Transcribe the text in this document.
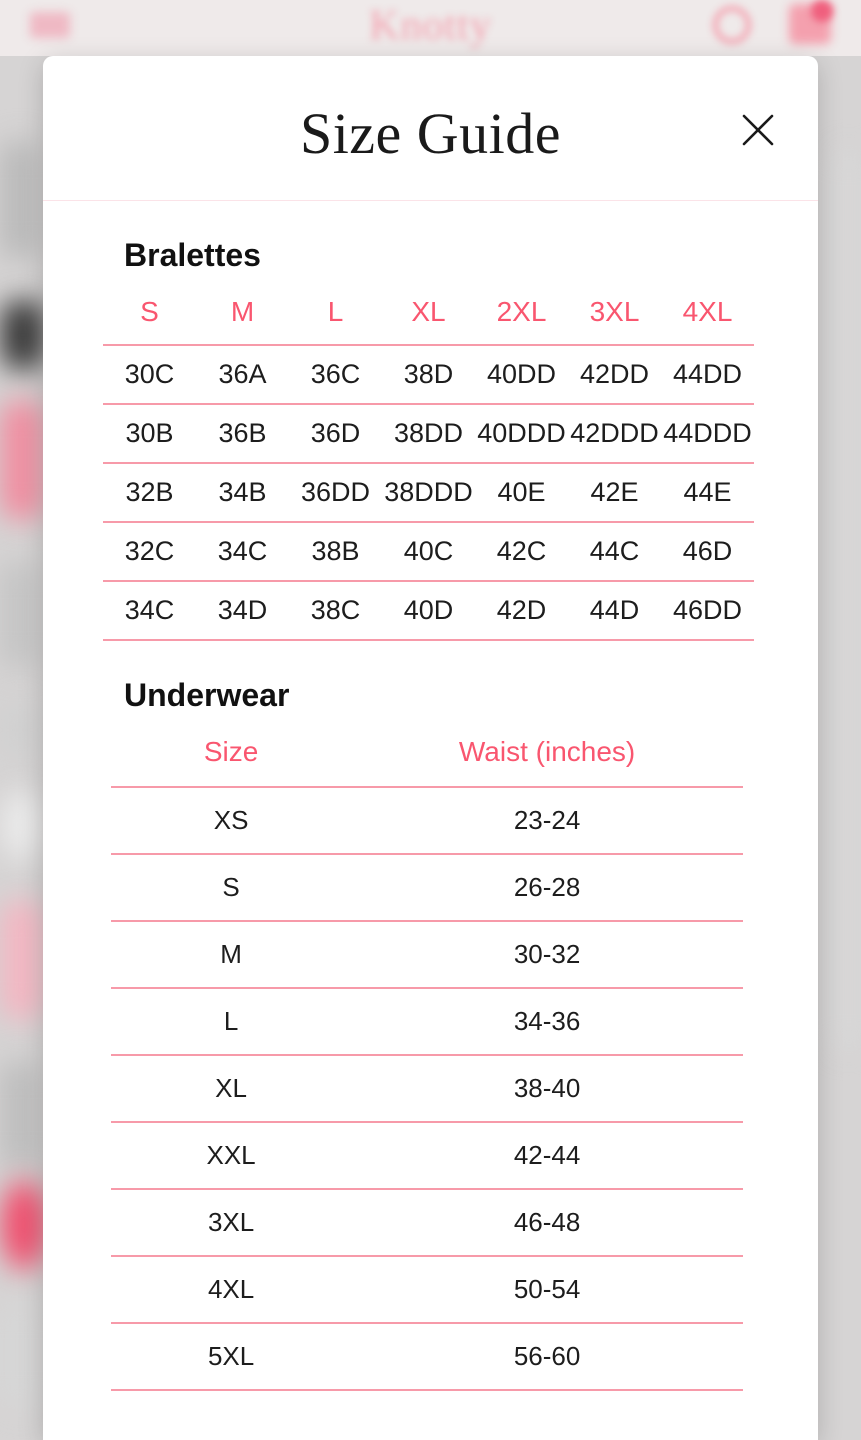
Knotty
Size Guide
Bralettes
S	M	L	XL	2XL	3XL	4XL
30C	36A	36C	38D	40DD	42DD	44DD
30B	36B	36D	38DD	40DDD	42DDD	44DDD
32B	34B	36DD	38DDD	40E	42E	44E
32C	34C	38B	40C	42C	44C	46D
34C	34D	38C	40D	42D	44D	46DD
Underwear
Size	Waist (inches)
XS	23-24
S	26-28
M	30-32
L	34-36
XL	38-40
XXL	42-44
3XL	46-48
4XL	50-54
5XL	56-60
